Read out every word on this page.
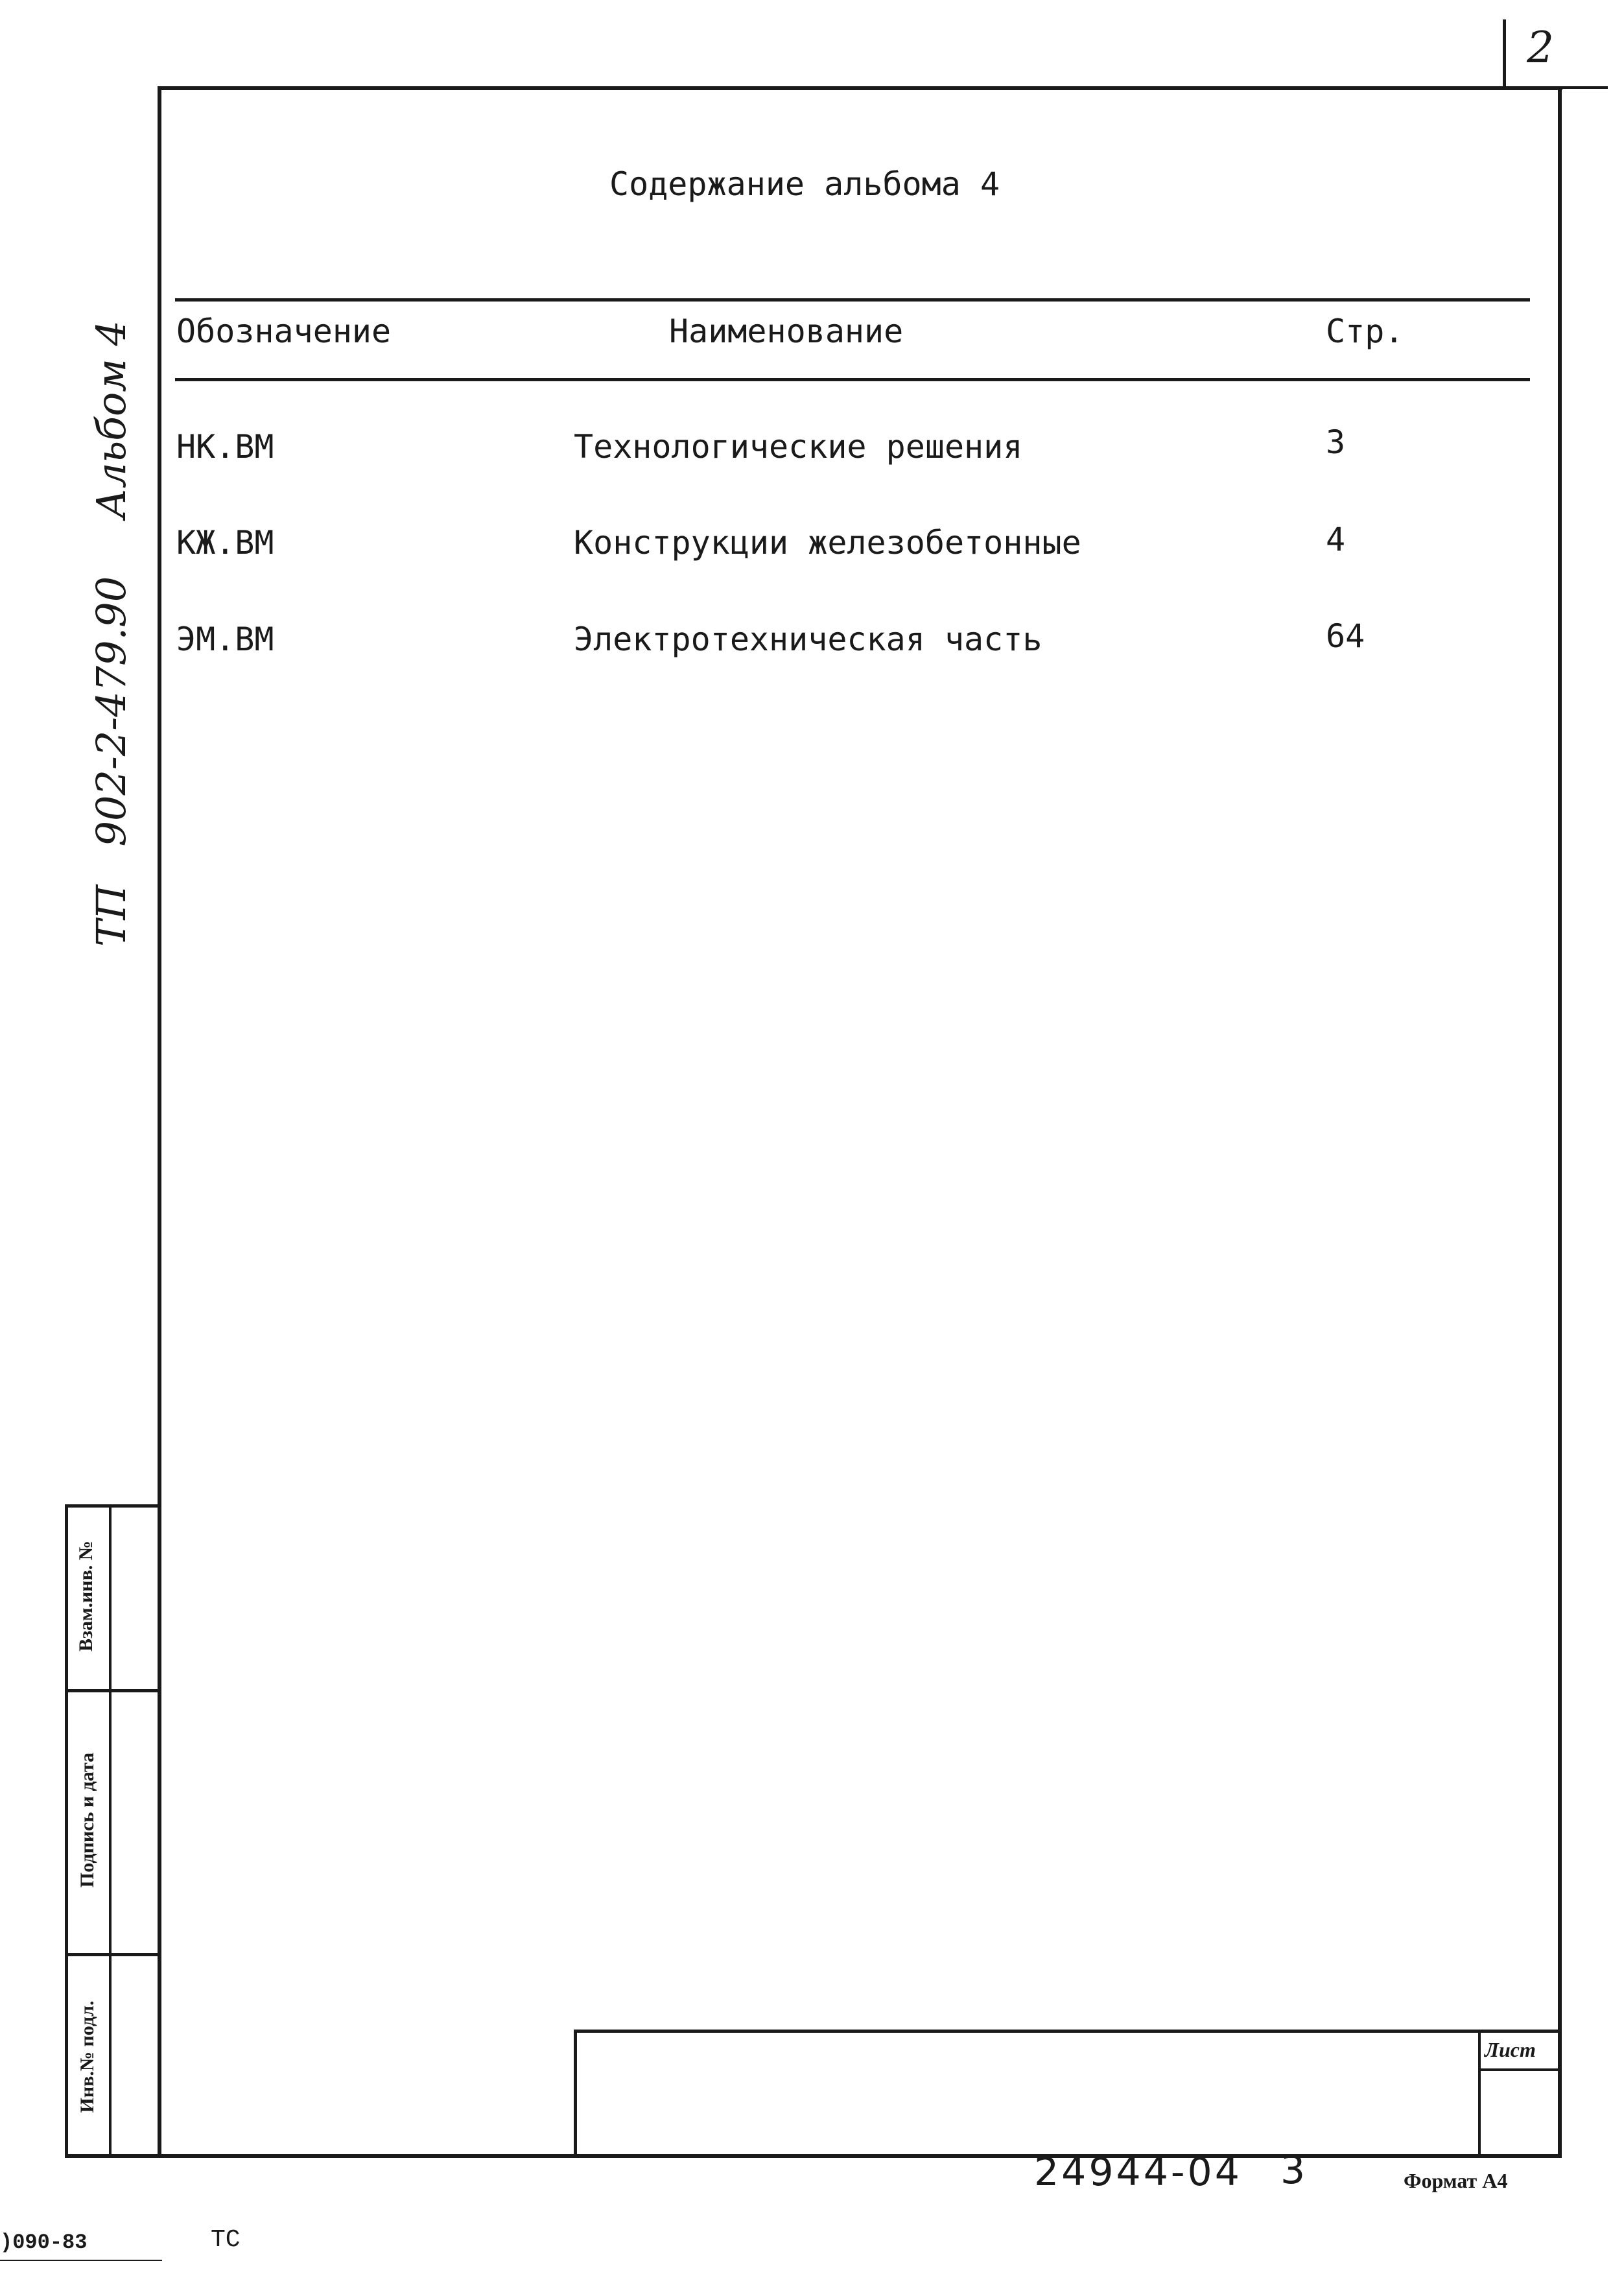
2
Содержание альбома 4
Обозначение	Наименование	Стр.
НК.ВМ	Технологические решения	3
КЖ.ВМ	Конструкции железобетонные	4
ЭМ.ВМ	Электротехническая часть	64
Альбом 4
ТП   902-2-479.90
Взам.инв. №
Подпись и дата
Инв.№ подл.	Лист
24944-04 3	Формат А4
)090-83	ТС
